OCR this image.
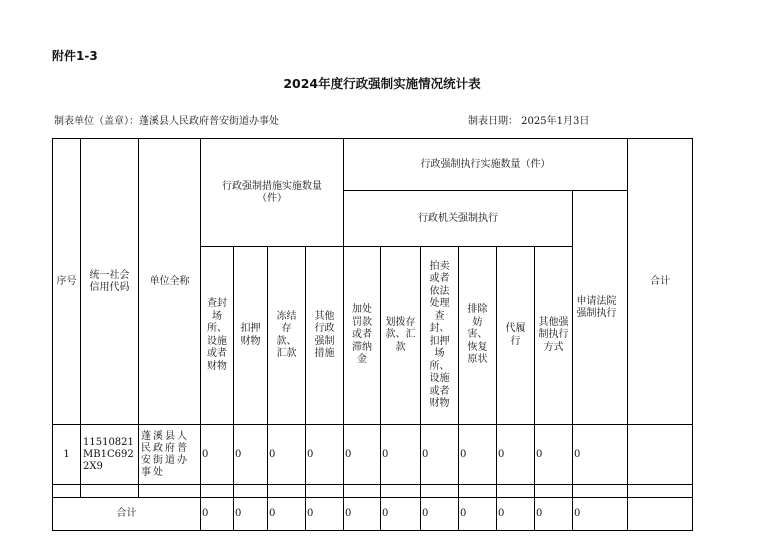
附件1-3
2024年度行政强制实施情况统计表
制表单位（盖章）：蓬溪县人民政府普安街道办事处	制表日期： 2025年1月3日
序号	统一社会信用代码	单位全称	行政强制措施实施数量（件）				行政强制执行实施数量（件）							合计

							行政机关强制执行						申请法院强制执行	

			查封场所、设施或者财物	扣押财物	冻结存款、汇款	其他行政强制措施	加处罚款或者滞纳金	划拨存款、汇款	拍卖或者依法处理查封、扣押场所、设施或者财物	排除妨害、恢复原状	代履行	其他强制执行方式		

1	11510821MB1C6922X9	蓬溪县人民政府普安街道办事处	0	0	0	0	0	0	0	0	0	0	0	

合计			0	0	0	0	0	0	0	0	0	0	0	
